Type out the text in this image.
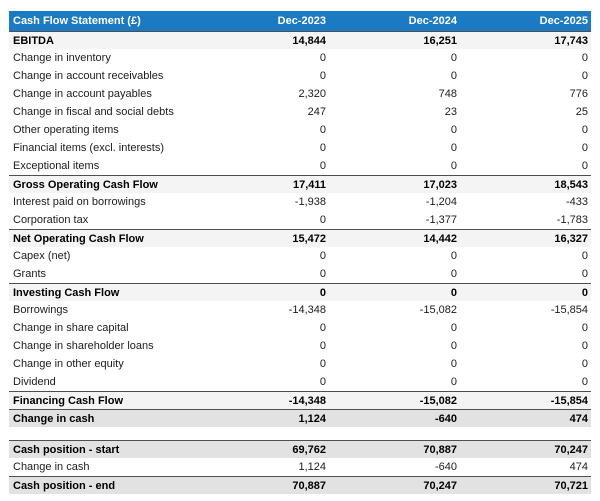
Cash Flow Statement (£)	Dec-2023	Dec-2024	Dec-2025
EBITDA	14,844	16,251	17,743
Change in inventory	0	0	0
Change in account receivables	0	0	0
Change in account payables	2,320	748	776
Change in fiscal and social debts	247	23	25
Other operating items	0	0	0
Financial items (excl. interests)	0	0	0
Exceptional items	0	0	0
Gross Operating Cash Flow	17,411	17,023	18,543
Interest paid on borrowings	-1,938	-1,204	-433
Corporation tax	0	-1,377	-1,783
Net Operating Cash Flow	15,472	14,442	16,327
Capex (net)	0	0	0
Grants	0	0	0
Investing Cash Flow	0	0	0
Borrowings	-14,348	-15,082	-15,854
Change in share capital	0	0	0
Change in shareholder loans	0	0	0
Change in other equity	0	0	0
Dividend	0	0	0
Financing Cash Flow	-14,348	-15,082	-15,854
Change in cash	1,124	-640	474
Cash position - start	69,762	70,887	70,247
Change in cash	1,124	-640	474
Cash position - end	70,887	70,247	70,721
